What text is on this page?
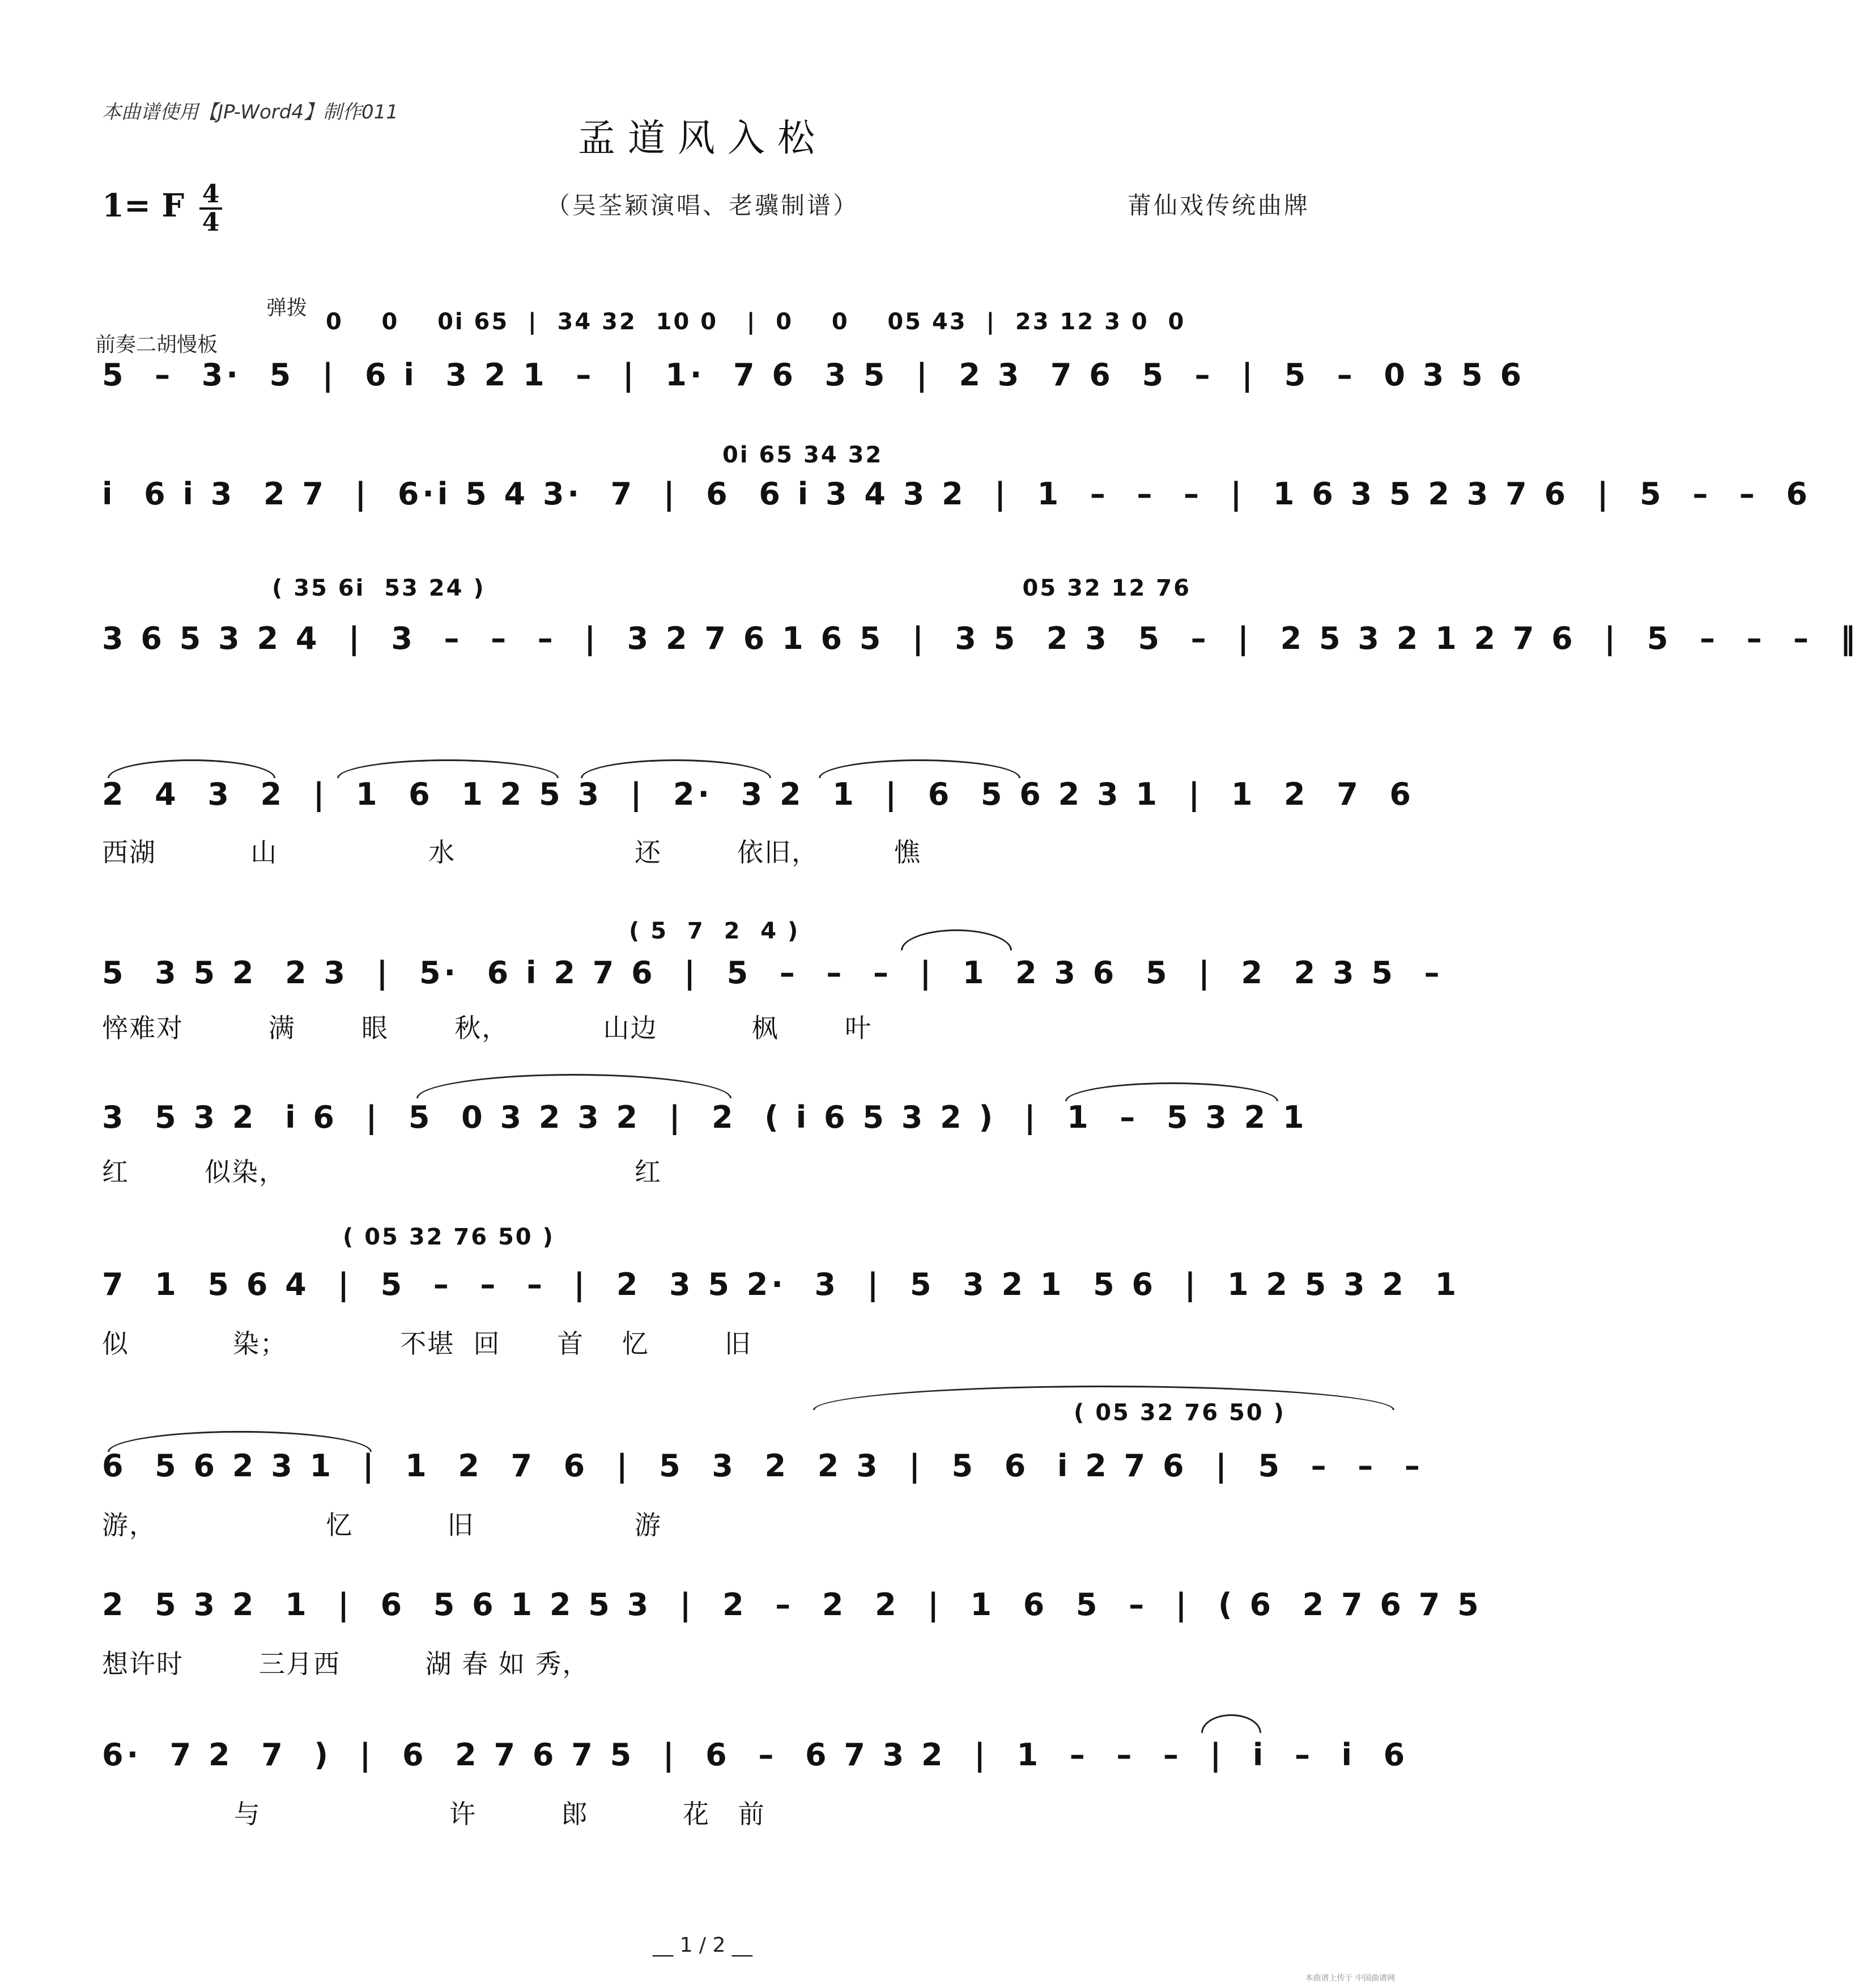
本曲谱使用【JP-Word4】制作011
孟道风入松
1= F 4
4
（吴荃颖演唱、老骥制谱）	莆仙戏传统曲牌
弹拨
前奏二胡慢板
0    0    0i 65  |  34 32  10 0   |  0    0    05 43  |  23 12 3 0  0
5  –  3·  5  |  6 i  3 2 1  –  |  1·  7 6  3 5  |  2 3  7 6  5  –  |  5  –  0 3 5 6
0i 65 34 32
i  6 i 3  2 7  |  6·i 5 4 3·  7  |  6  6 i 3 4 3 2  |  1  –  –  –  |  1 6 3 5 2 3 7 6  |  5  –  –  6
( 35 6i  53 24 )                                                        05 32 12 76
3 6 5 3 2 4  |  3  –  –  –  |  3 2 7 6 1 6 5  |  3 5  2 3  5  –  |  2 5 3 2 1 2 7 6  |  5  –  –  –  ‖
2  4  3  2  |  1  6  1 2 5 3  |  2·  3 2  1  |  6  5 6 2 3 1  |  1  2  7  6
西湖          山                水                   还        依旧，        憔
( 5  7  2  4 )
5  3 5 2  2 3  |  5·  6 i 2 7 6  |  5  –  –  –  |  1  2 3 6  5  |  2  2 3 5  –
悴难对         满       眼       秋，          山边          枫       叶
3  5 3 2  i 6  |  5  0 3 2 3 2  |  2  ( i 6 5 3 2 )  |  1  –  5 3 2 1
红        似染，                                     红
( 05 32 76 50 )
7  1  5 6 4  |  5  –  –  –  |  2  3 5 2·  3  |  5  3 2 1  5 6  |  1 2 5 3 2  1
似           染；            不堪  回      首    忆        旧
( 05 32 76 50 )
6  5 6 2 3 1  |  1  2  7  6  |  5  3  2  2 3  |  5  6  i 2 7 6  |  5  –  –  –
游，                  忆          旧                 游
2  5 3 2  1  |  6  5 6 1 2 5 3  |  2  –  2  2  |  1  6  5  –  |  ( 6  2 7 6 7 5
想许时        三月西         湖 春 如 秀，
6·  7 2  7  )  |  6  2 7 6 7 5  |  6  –  6 7 3 2  |  1  –  –  –  |  i  –  i  6
与                    许         郎          花   前
__ 1 / 2 __
本曲谱上传于 中国曲谱网
